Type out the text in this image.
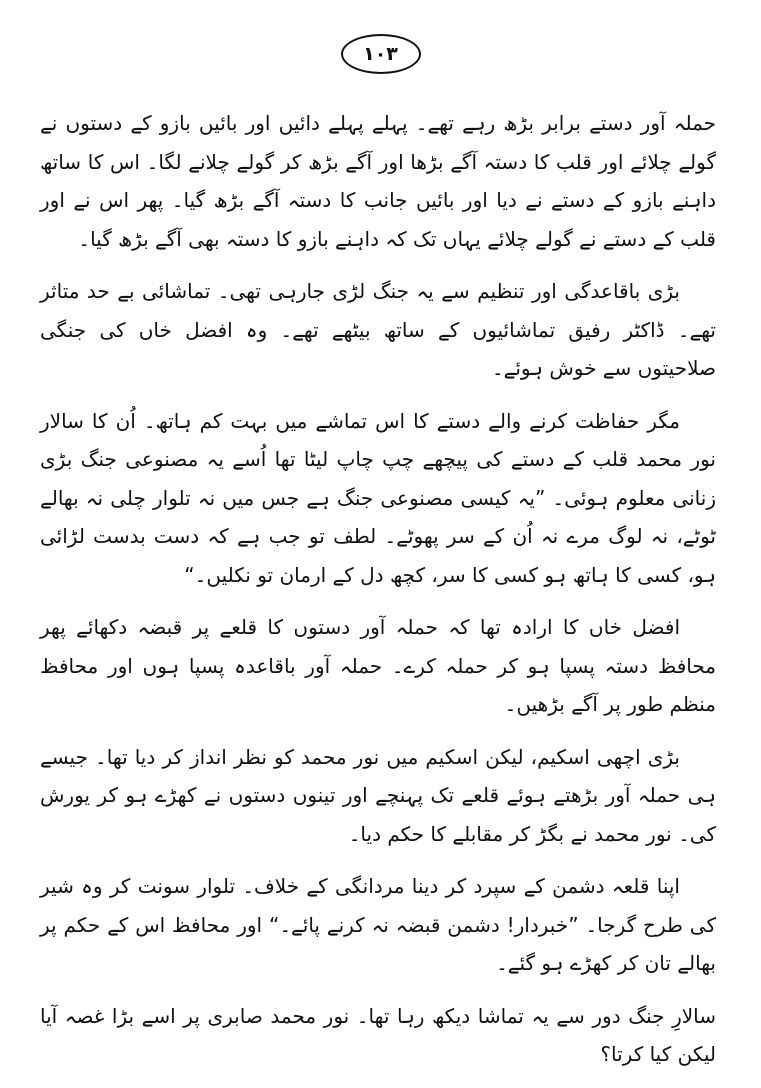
۱۰۳

حملہ آور دستے برابر بڑھ رہے تھے۔ پہلے پہلے دائیں اور بائیں بازو کے دستوں نے گولے چلائے اور قلب کا دستہ آگے بڑھا اور آگے بڑھ کر گولے چلانے لگا۔ اس کا ساتھ داہنے بازو کے دستے نے دیا اور بائیں جانب کا دستہ آگے بڑھ گیا۔ پھر اس نے اور قلب کے دستے نے گولے چلائے یہاں تک کہ داہنے بازو کا دستہ بھی آگے بڑھ گیا۔

بڑی باقاعدگی اور تنظیم سے یہ جنگ لڑی جارہی تھی۔ تماشائی بے حد متاثر تھے۔ ڈاکٹر رفیق تماشائیوں کے ساتھ بیٹھے تھے۔ وہ افضل خاں کی جنگی صلاحیتوں سے خوش ہوئے۔

مگر حفاظت کرنے والے دستے کا اس تماشے میں بہت کم ہاتھ۔ اُن کا سالار نور محمد قلب کے دستے کی پیچھے چپ چاپ لیٹا تھا اُسے یہ مصنوعی جنگ بڑی زنانی معلوم ہوئی۔ ”یہ کیسی مصنوعی جنگ ہے جس میں نہ تلوار چلی نہ بھالے ٹوٹے، نہ لوگ مرے نہ اُن کے سر پھوٹے۔ لطف تو جب ہے کہ دست بدست لڑائی ہو، کسی کا ہاتھ ہو کسی کا سر، کچھ دل کے ارمان تو نکلیں۔“

افضل خاں کا ارادہ تھا کہ حملہ آور دستوں کا قلعے پر قبضہ دکھائے پھر محافظ دستہ پسپا ہو کر حملہ کرے۔ حملہ آور باقاعدہ پسپا ہوں اور محافظ منظم طور پر آگے بڑھیں۔

بڑی اچھی اسکیم، لیکن اسکیم میں نور محمد کو نظر انداز کر دیا تھا۔ جیسے ہی حملہ آور بڑھتے ہوئے قلعے تک پہنچے اور تینوں دستوں نے کھڑے ہو کر یورش کی۔ نور محمد نے بگڑ کر مقابلے کا حکم دیا۔

اپنا قلعہ دشمن کے سپرد کر دینا مردانگی کے خلاف۔ تلوار سونت کر وہ شیر کی طرح گرجا۔ ”خبردار! دشمن قبضہ نہ کرنے پائے۔“ اور محافظ اس کے حکم پر بھالے تان کر کھڑے ہو گئے۔

سالارِ جنگ دور سے یہ تماشا دیکھ رہا تھا۔ نور محمد صابری پر اسے بڑا غصہ آیا لیکن کیا کرتا؟
